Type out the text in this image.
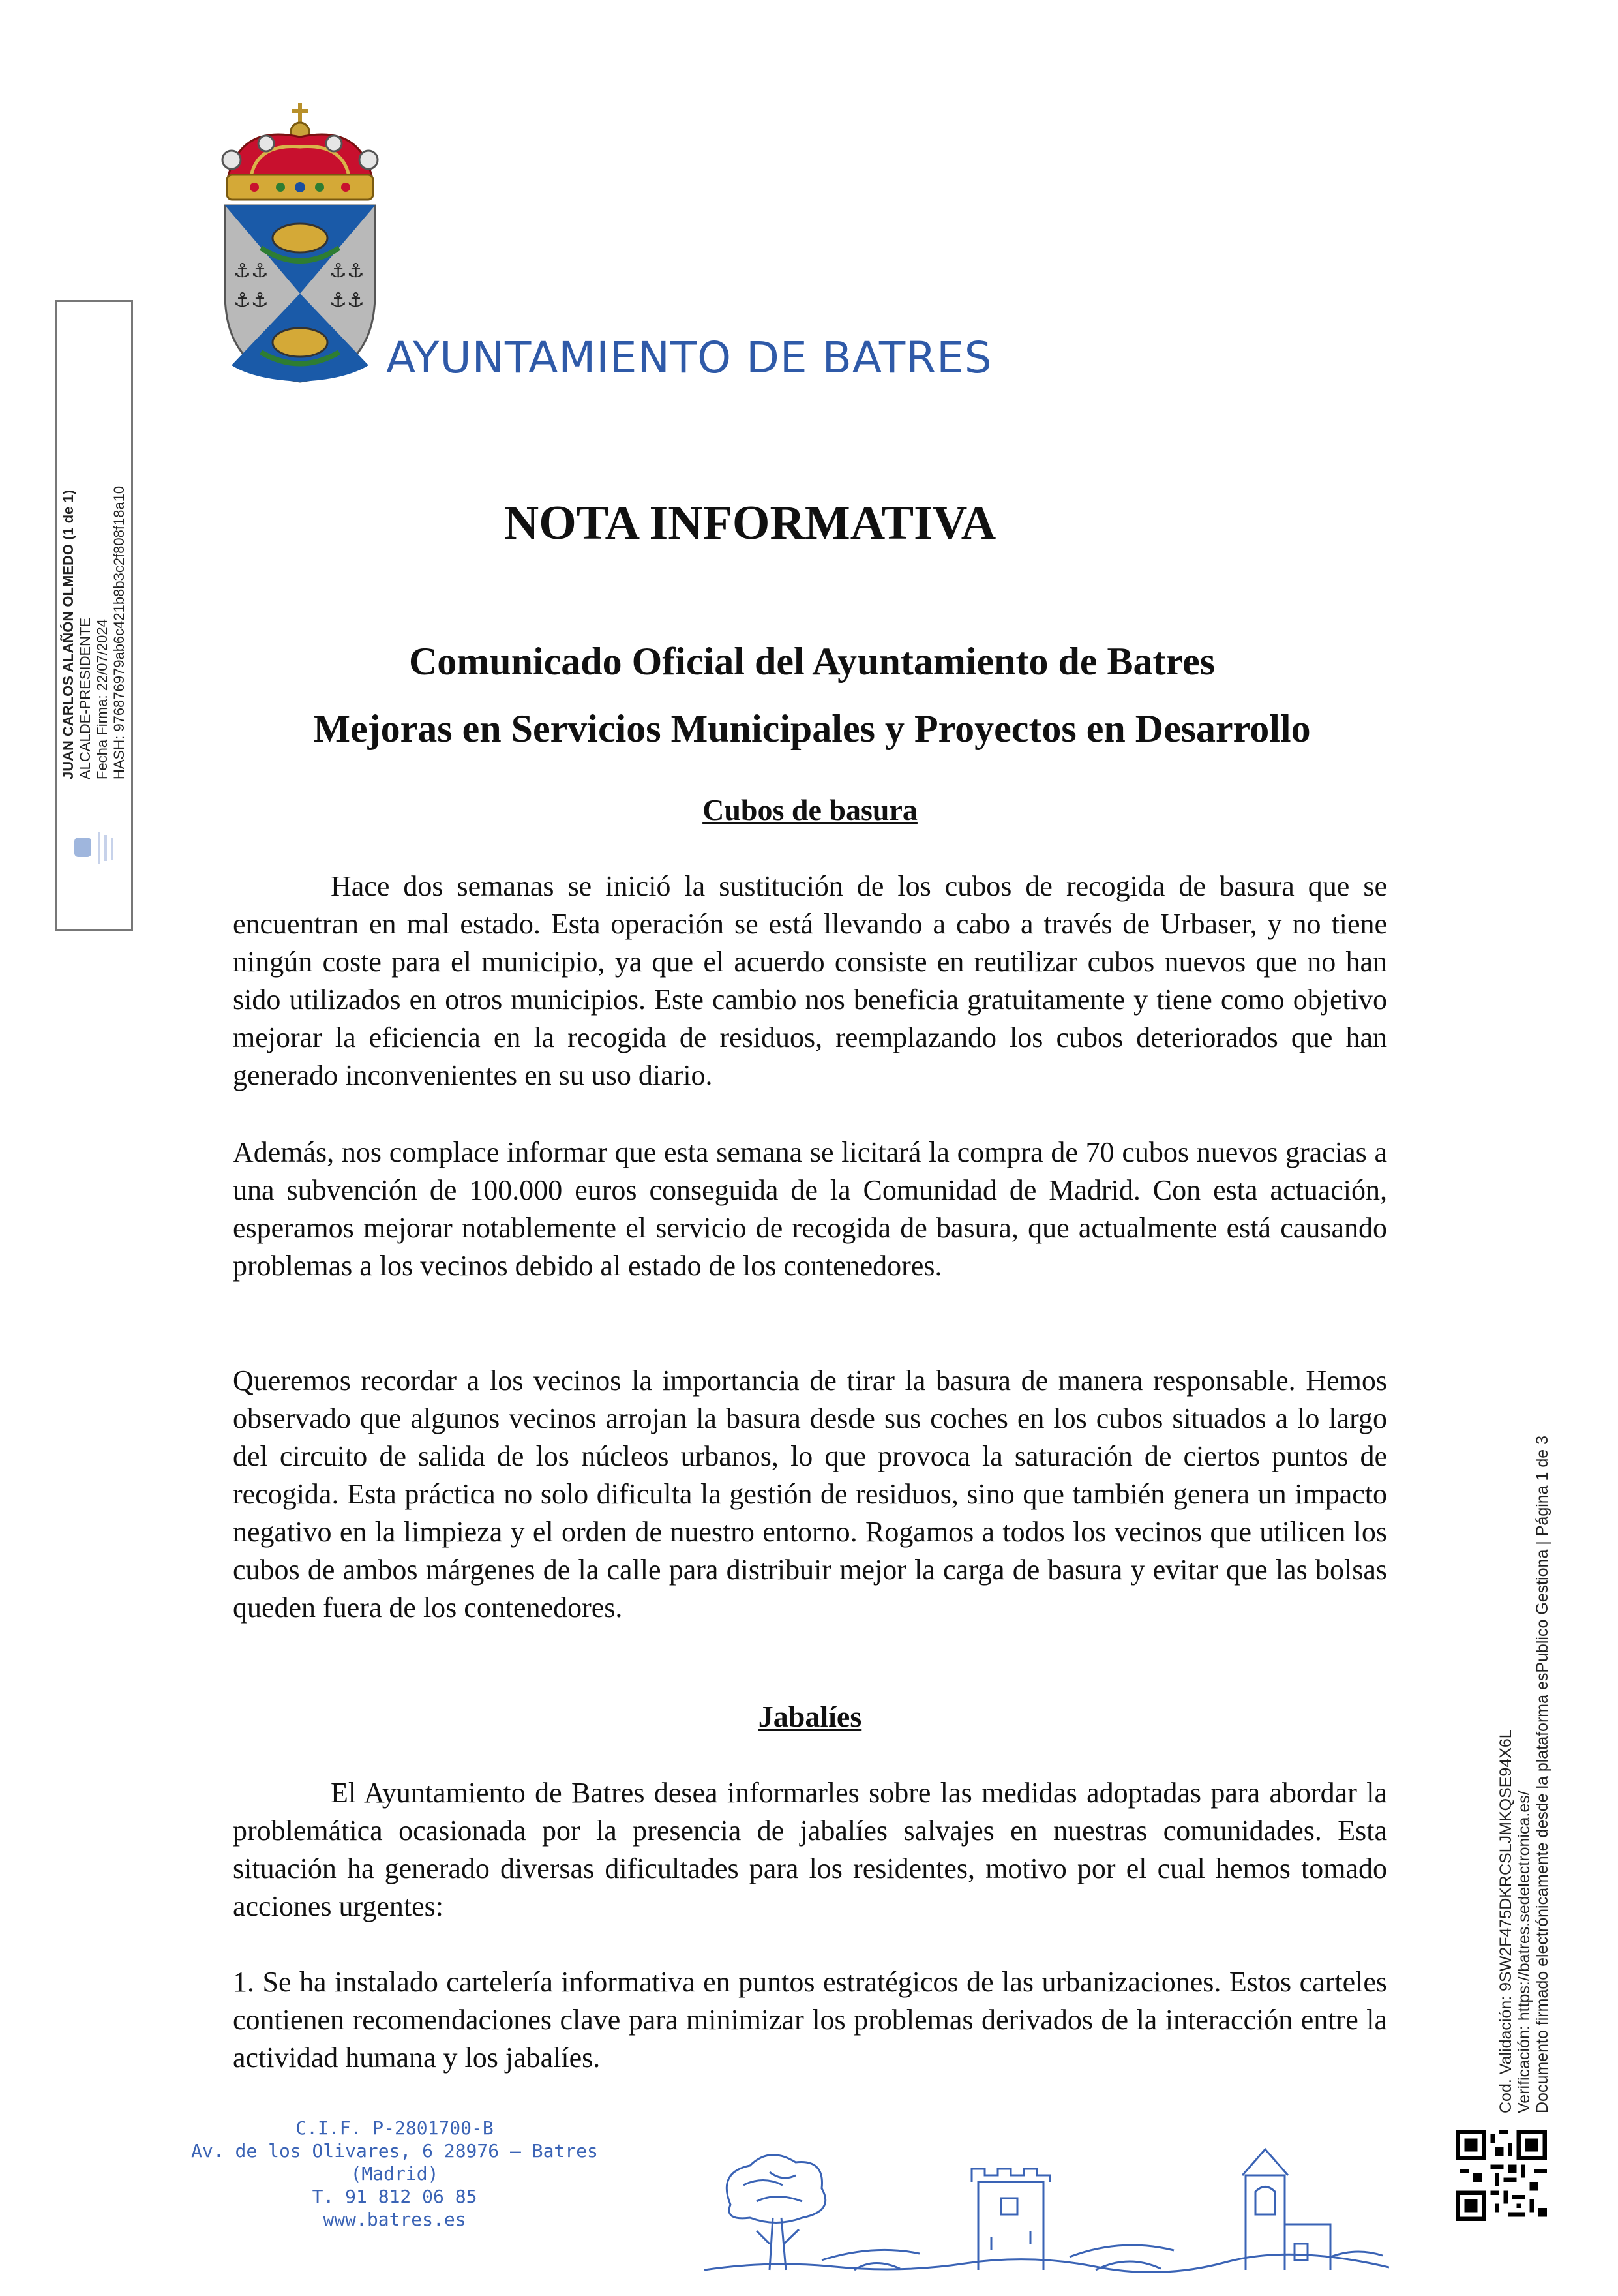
⚓⚓	⚓⚓
⚓⚓	⚓⚓
AYUNTAMIENTO DE BATRES
JUAN CARLOS ALAÑÓN OLMEDO (1 de 1) ALCALDE-PRESIDENTE Fecha Firma: 22/07/2024 HASH: 976876979ab6c421b8b3c2f808f18a10	NOTA INFORMATIVA
Comunicado Oficial del Ayuntamiento de Batres
Mejoras en Servicios Municipales y Proyectos en Desarrollo
Cubos de basura

Hace dos semanas se inició la sustitución de los cubos de recogida de basura que se encuentran en mal estado. Esta operación se está llevando a cabo a través de Urbaser, y no tiene ningún coste para el municipio, ya que el acuerdo consiste en reutilizar cubos nuevos que no han sido utilizados en otros municipios. Este cambio nos beneficia gratuitamente y tiene como objetivo mejorar la eficiencia en la recogida de residuos, reemplazando los cubos deteriorados que han generado inconvenientes en su uso diario.

Además, nos complace informar que esta semana se licitará la compra de 70 cubos nuevos gracias a una subvención de 100.000 euros conseguida de la Comunidad de Madrid. Con esta actuación, esperamos mejorar notablemente el servicio de recogida de basura, que actualmente está causando problemas a los vecinos debido al estado de los contenedores.

Queremos recordar a los vecinos la importancia de tirar la basura de manera responsable. Hemos observado que algunos vecinos arrojan la basura desde sus coches en los cubos situados a lo largo del circuito de salida de los núcleos urbanos, lo que provoca la saturación de ciertos puntos de recogida. Esta práctica no solo dificulta la gestión de residuos, sino que también genera un impacto negativo en la limpieza y el orden de nuestro entorno. Rogamos a todos los vecinos que utilicen los cubos de ambos márgenes de la calle para distribuir mejor la carga de basura y evitar que las bolsas queden fuera de los contenedores.

Jabalíes

El Ayuntamiento de Batres desea informarles sobre las medidas adoptadas para abordar la problemática ocasionada por la presencia de jabalíes salvajes en nuestras comunidades. Esta situación ha generado diversas dificultades para los residentes, motivo por el cual hemos tomado acciones urgentes:

1. Se ha instalado cartelería informativa en puntos estratégicos de las urbanizaciones. Estos carteles contienen recomendaciones clave para minimizar los problemas derivados de la interacción entre la actividad humana y los jabalíes.	Cod. Validación: 9SW2F475DKRCSLJMKQSE94X6L Verificación: https://batres.sedelectronica.es/ Documento firmado electrónicamente desde la plataforma esPublico Gestiona | Página 1 de 3
C.I.F. P-2801700-B
Av. de los Olivares, 6 28976 – Batres (Madrid)
T. 91 812 06 85
www.batres.es
